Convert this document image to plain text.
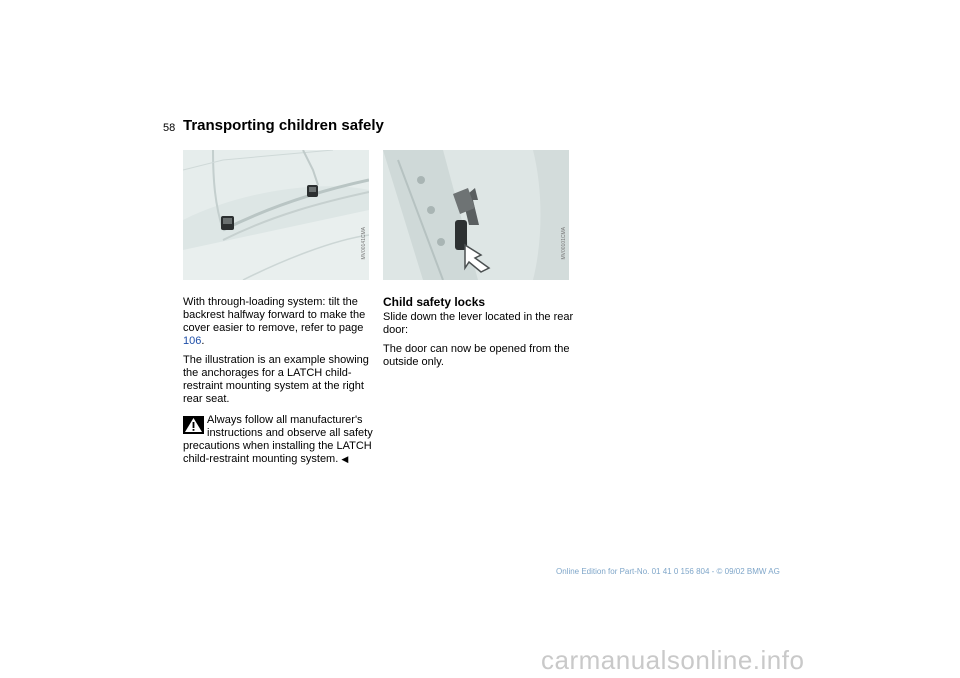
58 Transporting children safely
MV00141CMA	MV00101CMA

With through-loading system: tilt the backrest halfway forward to make the cover easier to remove, refer to page 106.

The illustration is an example showing the anchorages for a LATCH child-restraint mounting system at the right rear seat.

Always follow all manufacturer's
instructions and observe all safety precautions when installing the LATCH child-restraint mounting system. ◀
Child safety locks

Slide down the lever located in the rear door:

The door can now be opened from the outside only.

Online Edition for Part-No. 01 41 0 156 804 - © 09/02 BMW AG
carmanualsonline.info
